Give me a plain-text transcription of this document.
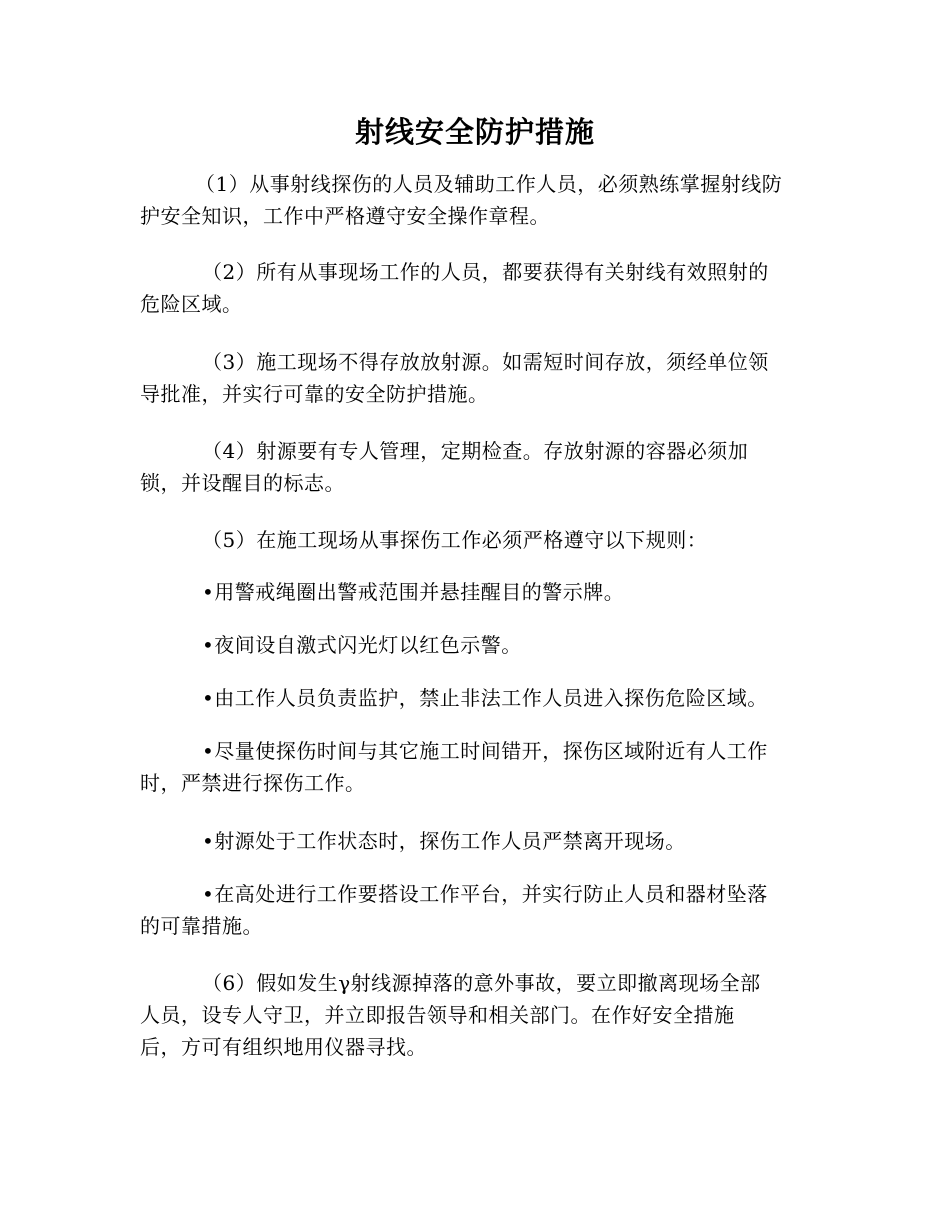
射线安全防护措施
（1）从事射线探伤的人员及辅助工作人员，必须熟练掌握射线防
护安全知识，工作中严格遵守安全操作章程。
（2）所有从事现场工作的人员，都要获得有关射线有效照射的
危险区域。
（3）施工现场不得存放放射源。如需短时间存放，须经单位领
导批准，并实行可靠的安全防护措施。
（4）射源要有专人管理，定期检查。存放射源的容器必须加
锁，并设醒目的标志。
（5）在施工现场从事探伤工作必须严格遵守以下规则：
•用警戒绳圈出警戒范围并悬挂醒目的警示牌。
•夜间设自激式闪光灯以红色示警。
•由工作人员负责监护，禁止非法工作人员进入探伤危险区域。
•尽量使探伤时间与其它施工时间错开，探伤区域附近有人工作
时，严禁进行探伤工作。
•射源处于工作状态时，探伤工作人员严禁离开现场。
•在高处进行工作要搭设工作平台，并实行防止人员和器材坠落
的可靠措施。
（6）假如发生γ射线源掉落的意外事故，要立即撤离现场全部
人员，设专人守卫，并立即报告领导和相关部门。在作好安全措施
后，方可有组织地用仪器寻找。
